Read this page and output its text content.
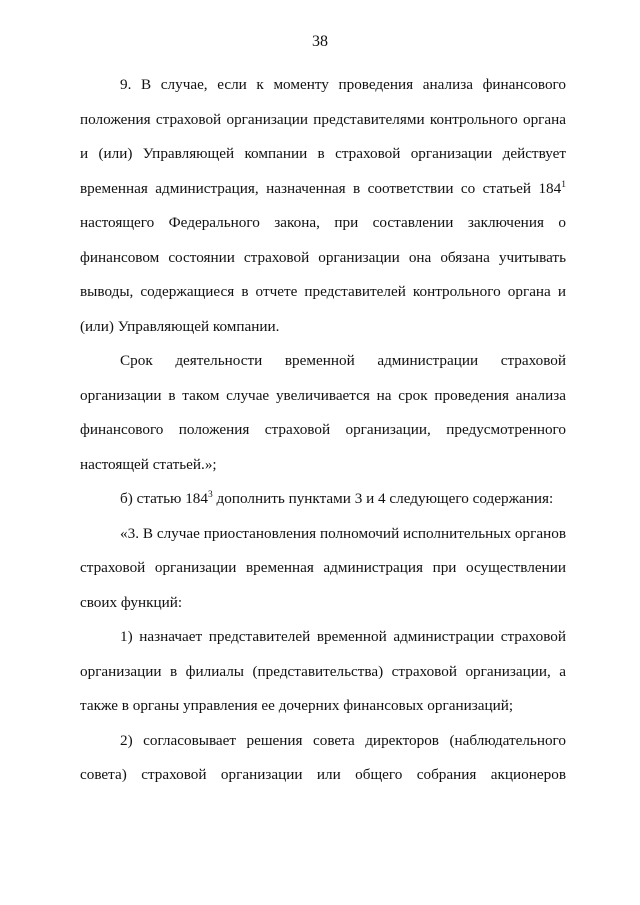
38

9. В случае, если к моменту проведения анализа финансового положения страховой организации представителями контрольного органа и (или) Управляющей компании в страховой организации действует временная администрация, назначенная в соответствии со статьей $184^1$ настоящего Федерального закона, при составлении заключения о финансовом состоянии страховой организации она обязана учитывать выводы, содержащиеся в отчете представителей контрольного органа и (или) Управляющей компании.

Срок деятельности временной администрации страховой организации в таком случае увеличивается на срок проведения анализа финансового положения страховой организации, предусмотренного настоящей статьей.»;

б) статью $184^3$ дополнить пунктами 3 и 4 следующего содержания:

«3. В случае приостановления полномочий исполнительных органов страховой организации временная администрация при осуществлении своих функций:

1) назначает представителей временной администрации страховой организации в филиалы (представительства) страховой организации, а также в органы управления ее дочерних финансовых организаций;

2) согласовывает решения совета директоров (наблюдательного совета) страховой организации или общего собрания акционеров
